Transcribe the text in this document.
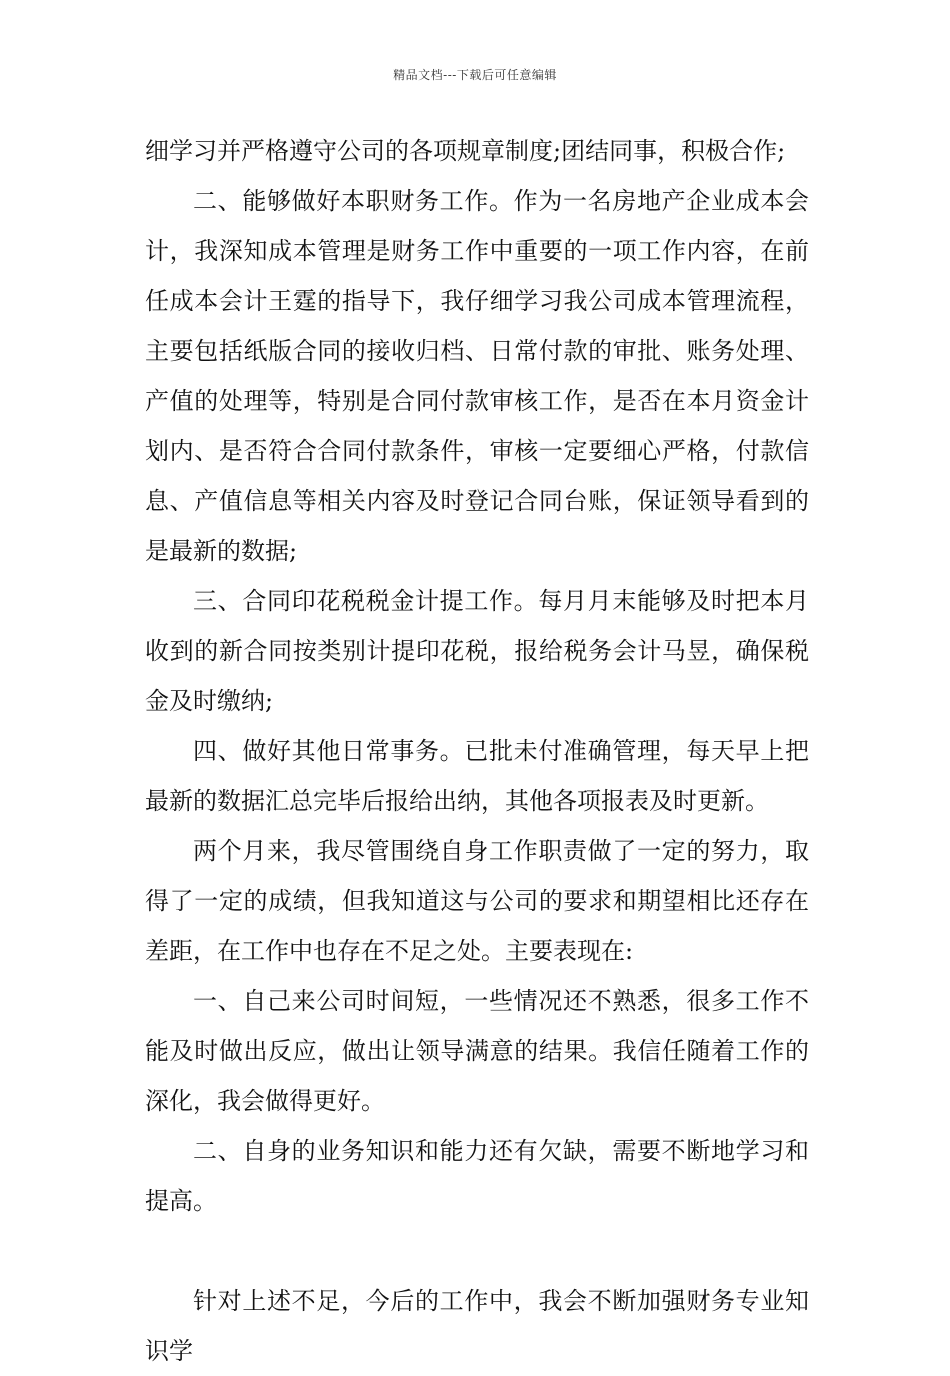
精品文档---下载后可任意编辑

细学习并严格遵守公司的各项规章制度;团结同事，积极合作;

二、能够做好本职财务工作。作为一名房地产企业成本会计，我深知成本管理是财务工作中重要的一项工作内容，在前任成本会计王霆的指导下，我仔细学习我公司成本管理流程，主要包括纸版合同的接收归档、日常付款的审批、账务处理、产值的处理等，特别是合同付款审核工作，是否在本月资金计划内、是否符合合同付款条件，审核一定要细心严格，付款信息、产值信息等相关内容及时登记合同台账，保证领导看到的是最新的数据;

三、合同印花税税金计提工作。每月月末能够及时把本月收到的新合同按类别计提印花税，报给税务会计马昱，确保税金及时缴纳;

四、做好其他日常事务。已批未付准确管理，每天早上把最新的数据汇总完毕后报给出纳，其他各项报表及时更新。

两个月来，我尽管围绕自身工作职责做了一定的努力，取得了一定的成绩，但我知道这与公司的要求和期望相比还存在差距，在工作中也存在不足之处。主要表现在:

一、自己来公司时间短，一些情况还不熟悉，很多工作不能及时做出反应，做出让领导满意的结果。我信任随着工作的深化，我会做得更好。

二、自身的业务知识和能力还有欠缺，需要不断地学习和提高。

针对上述不足，今后的工作中，我会不断加强财务专业知识学
